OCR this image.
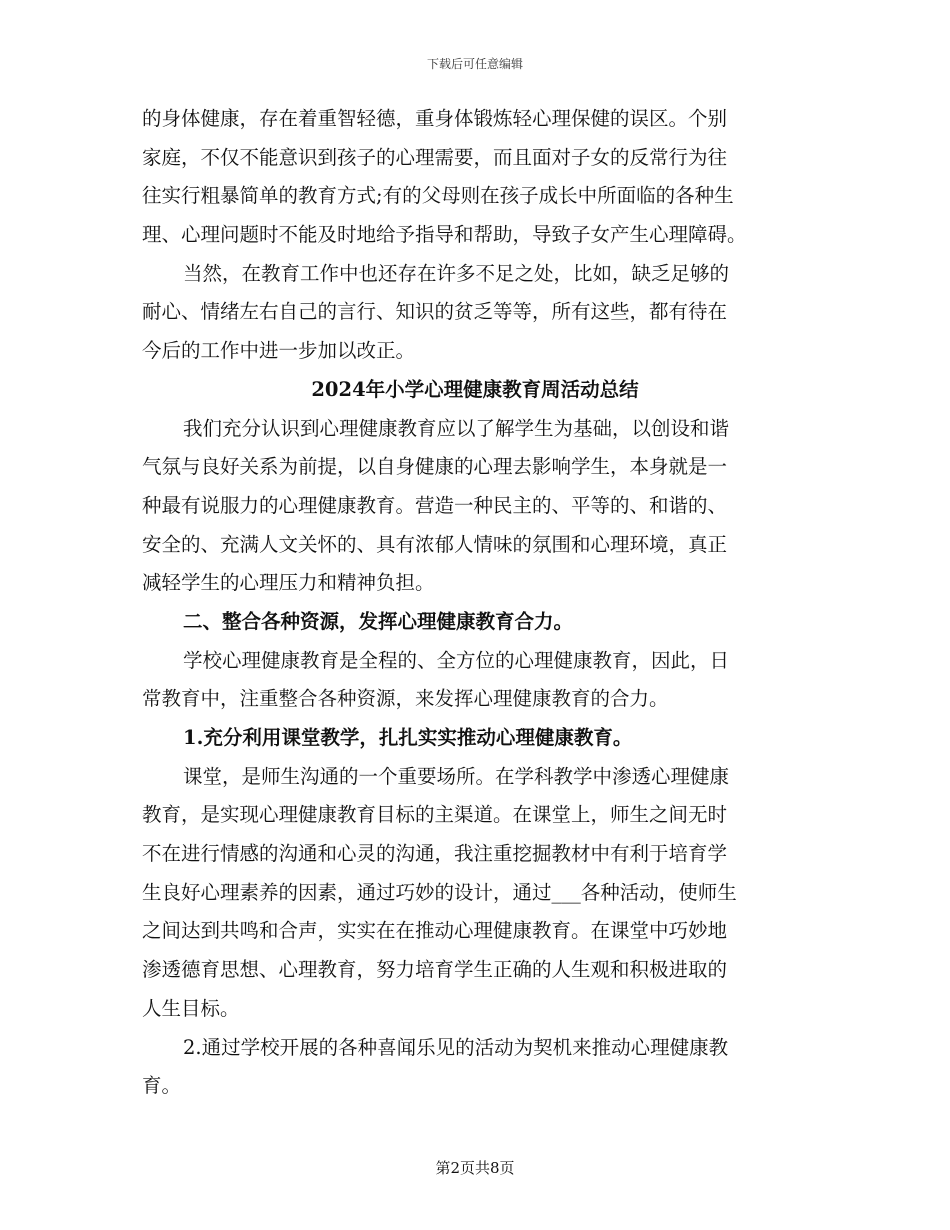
下载后可任意编辑
的身体健康，存在着重智轻德，重身体锻炼轻心理保健的误区。个别
家庭，不仅不能意识到孩子的心理需要，而且面对子女的反常行为往
往实行粗暴简单的教育方式;有的父母则在孩子成长中所面临的各种生
理、心理问题时不能及时地给予指导和帮助，导致子女产生心理障碍。
当然，在教育工作中也还存在许多不足之处，比如，缺乏足够的
耐心、情绪左右自己的言行、知识的贫乏等等，所有这些，都有待在
今后的工作中进一步加以改正。
2024年小学心理健康教育周活动总结
我们充分认识到心理健康教育应以了解学生为基础，以创设和谐
气氛与良好关系为前提，以自身健康的心理去影响学生，本身就是一
种最有说服力的心理健康教育。营造一种民主的、平等的、和谐的、
安全的、充满人文关怀的、具有浓郁人情味的氛围和心理环境，真正
减轻学生的心理压力和精神负担。
二、整合各种资源，发挥心理健康教育合力。
学校心理健康教育是全程的、全方位的心理健康教育，因此，日
常教育中，注重整合各种资源，来发挥心理健康教育的合力。
1.充分利用课堂教学，扎扎实实推动心理健康教育。
课堂，是师生沟通的一个重要场所。在学科教学中渗透心理健康
教育，是实现心理健康教育目标的主渠道。在课堂上，师生之间无时
不在进行情感的沟通和心灵的沟通，我注重挖掘教材中有利于培育学
生良好心理素养的因素，通过巧妙的设计，通过___各种活动，使师生
之间达到共鸣和合声，实实在在推动心理健康教育。在课堂中巧妙地
渗透德育思想、心理教育，努力培育学生正确的人生观和积极进取的
人生目标。
2.通过学校开展的各种喜闻乐见的活动为契机来推动心理健康教
育。
第2页共8页
